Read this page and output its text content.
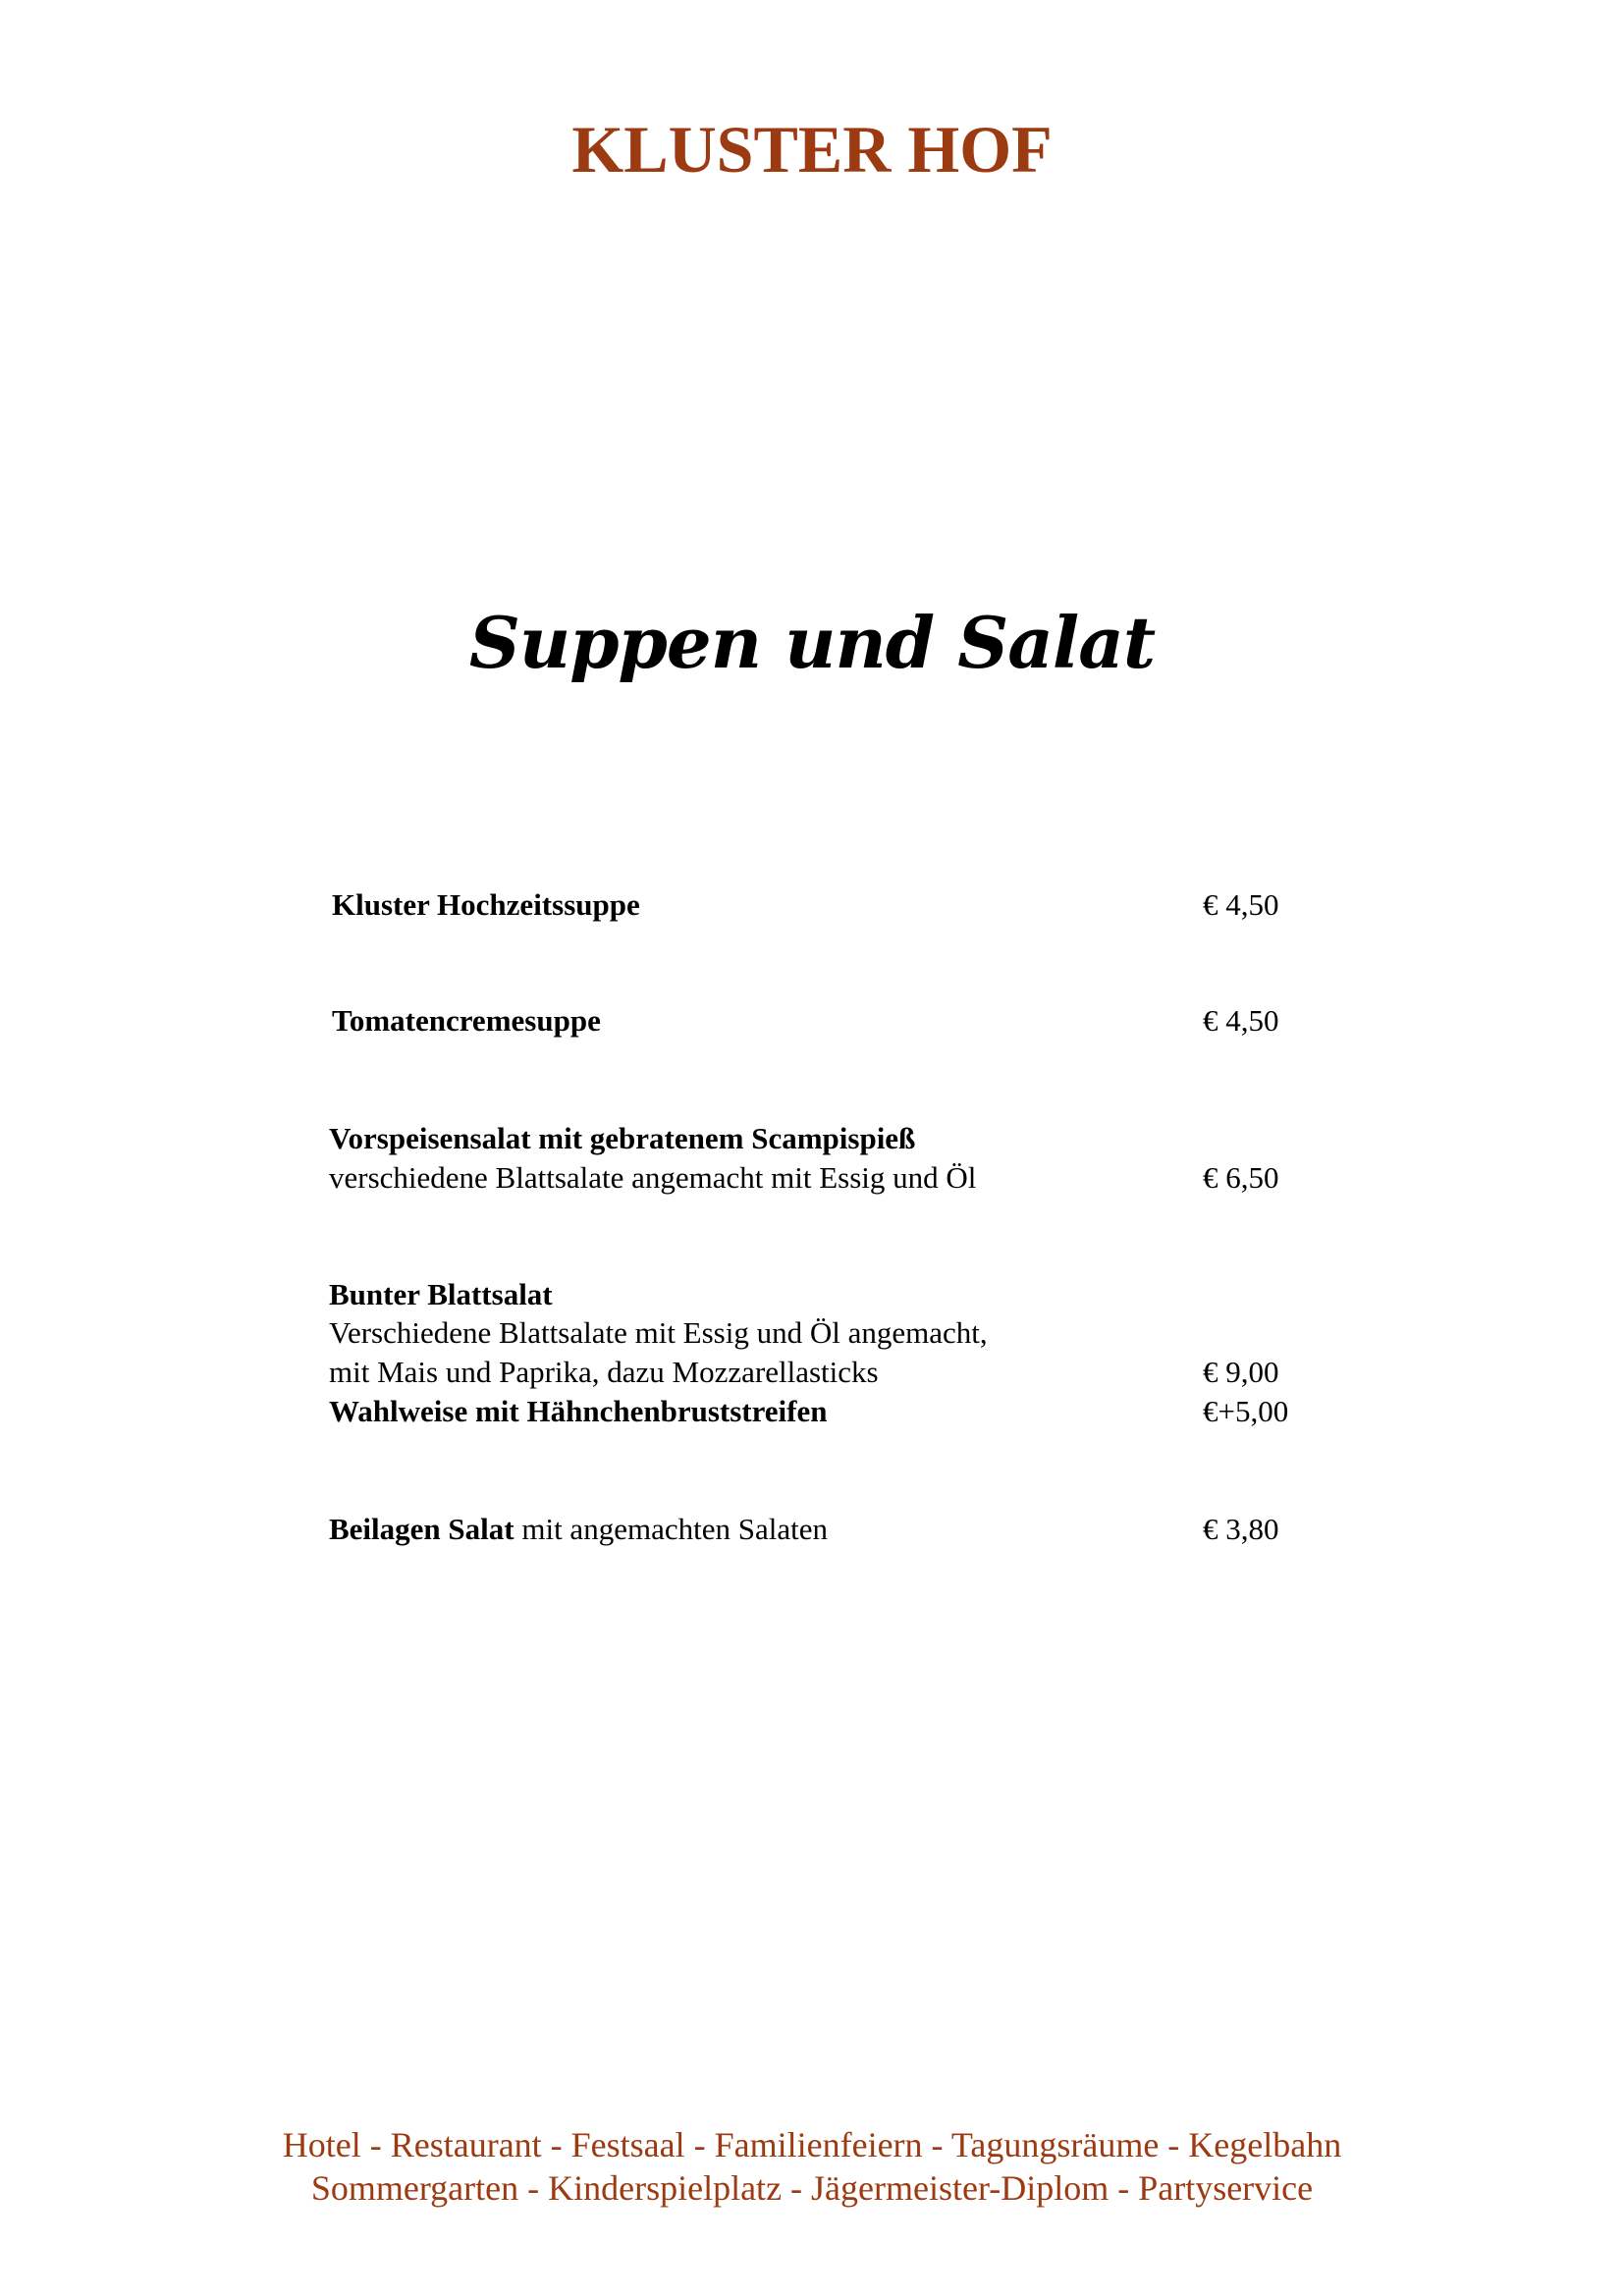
KLUSTER HOF
Suppen und Salat
Kluster Hochzeitssuppe	€ 4,50
Tomatencremesuppe	€ 4,50
Vorspeisensalat mit gebratenem Scampispieß
verschiedene Blattsalate angemacht mit Essig und Öl	€ 6,50
Bunter Blattsalat
Verschiedene Blattsalate mit Essig und Öl angemacht,
mit Mais und Paprika, dazu Mozzarellasticks	€ 9,00
Wahlweise mit Hähnchenbruststreifen	€+5,00
Beilagen Salat mit angemachten Salaten	€ 3,80
Hotel - Restaurant - Festsaal - Familienfeiern - Tagungsräume - Kegelbahn
Sommergarten - Kinderspielplatz - Jägermeister-Diplom - Partyservice
